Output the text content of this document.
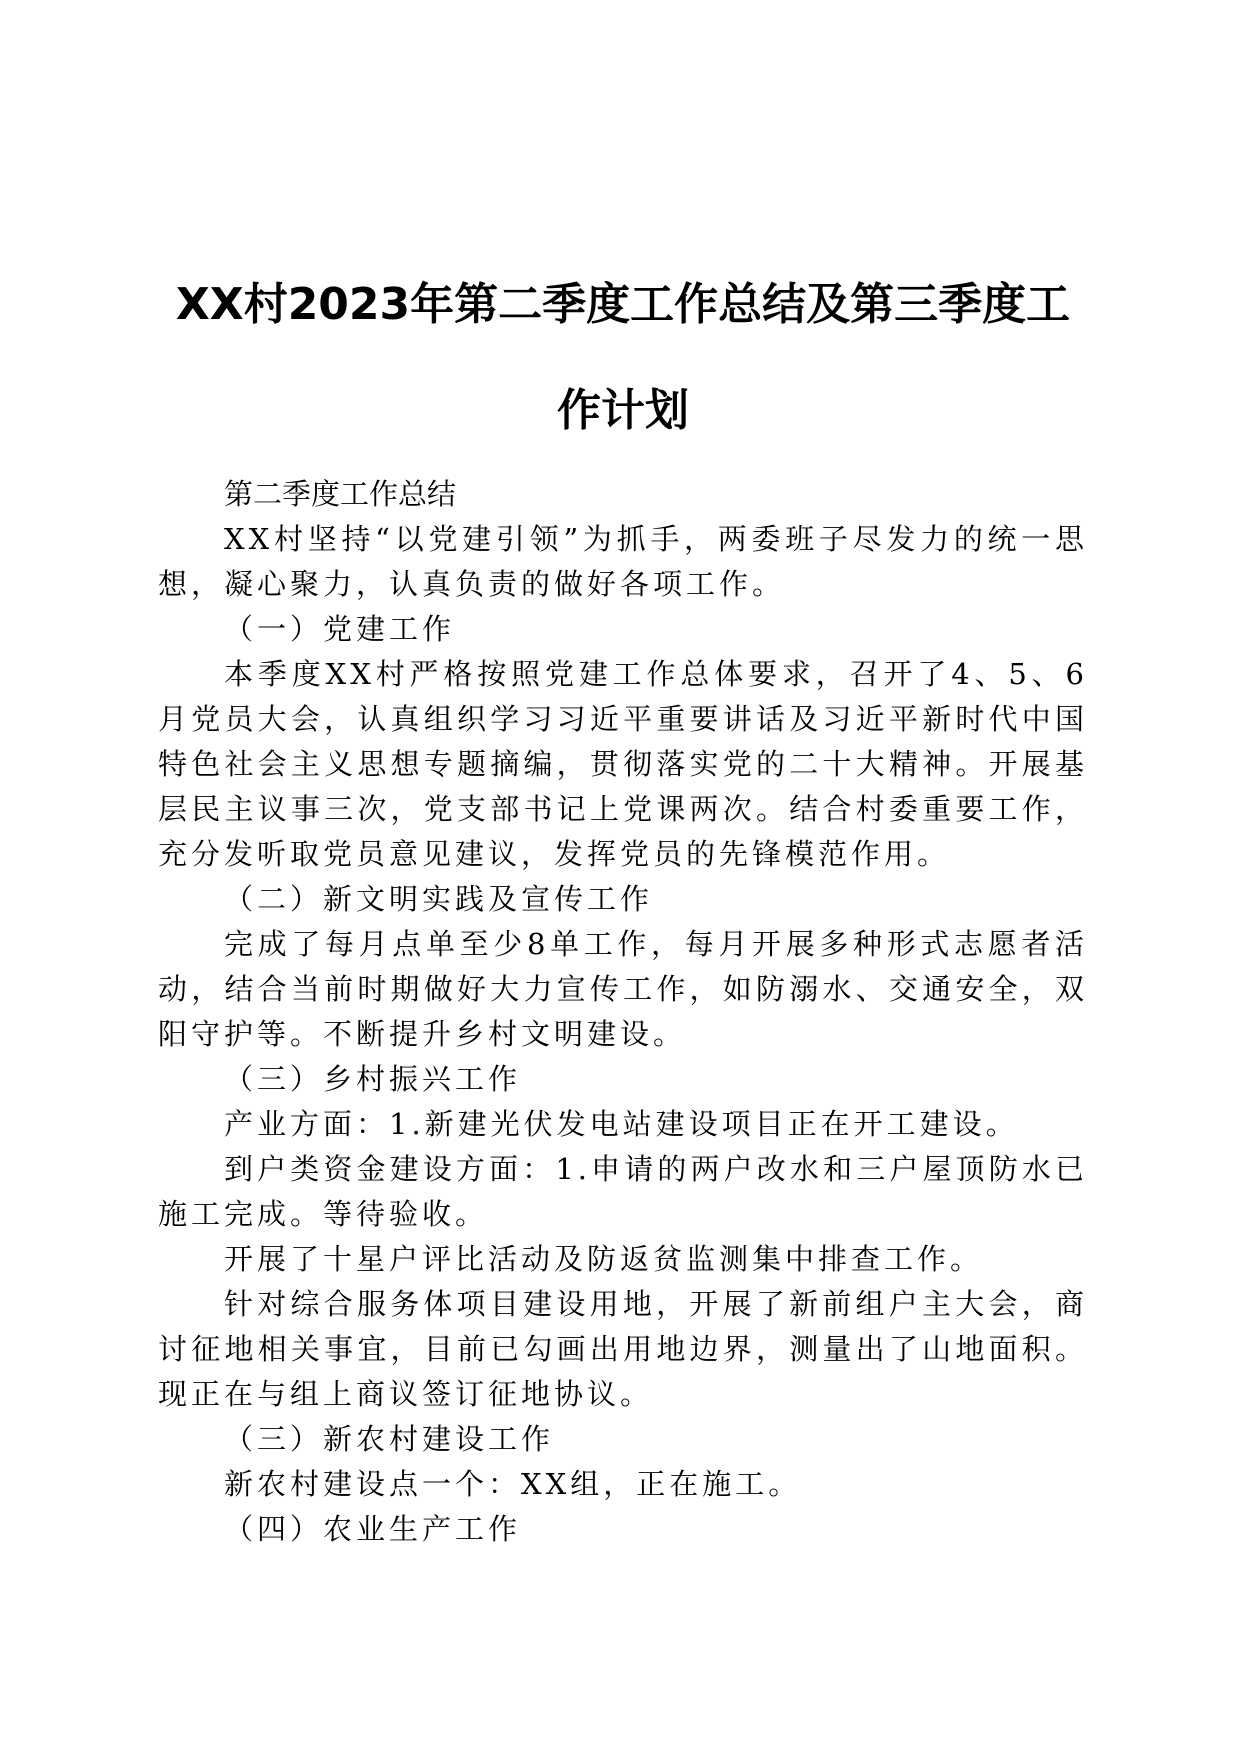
XX村2023年第二季度工作总结及第三季度工
作计划

第二季度工作总结

XX村坚持“以党建引领”为抓手，两委班子尽发力的统一思想，凝心聚力，认真负责的做好各项工作。

（一）党建工作

本季度XX村严格按照党建工作总体要求，召开了4、5、6月党员大会，认真组织学习习近平重要讲话及习近平新时代中国特色社会主义思想专题摘编，贯彻落实党的二十大精神。开展基层民主议事三次，党支部书记上党课两次。结合村委重要工作，充分发听取党员意见建议，发挥党员的先锋模范作用。

（二）新文明实践及宣传工作

完成了每月点单至少8单工作，每月开展多种形式志愿者活动，结合当前时期做好大力宣传工作，如防溺水、交通安全，双阳守护等。不断提升乡村文明建设。

（三）乡村振兴工作

产业方面：1.新建光伏发电站建设项目正在开工建设。

到户类资金建设方面：1.申请的两户改水和三户屋顶防水已施工完成。等待验收。

开展了十星户评比活动及防返贫监测集中排查工作。

针对综合服务体项目建设用地，开展了新前组户主大会，商讨征地相关事宜，目前已勾画出用地边界，测量出了山地面积。现正在与组上商议签订征地协议。

（三）新农村建设工作

新农村建设点一个：XX组，正在施工。

（四）农业生产工作
